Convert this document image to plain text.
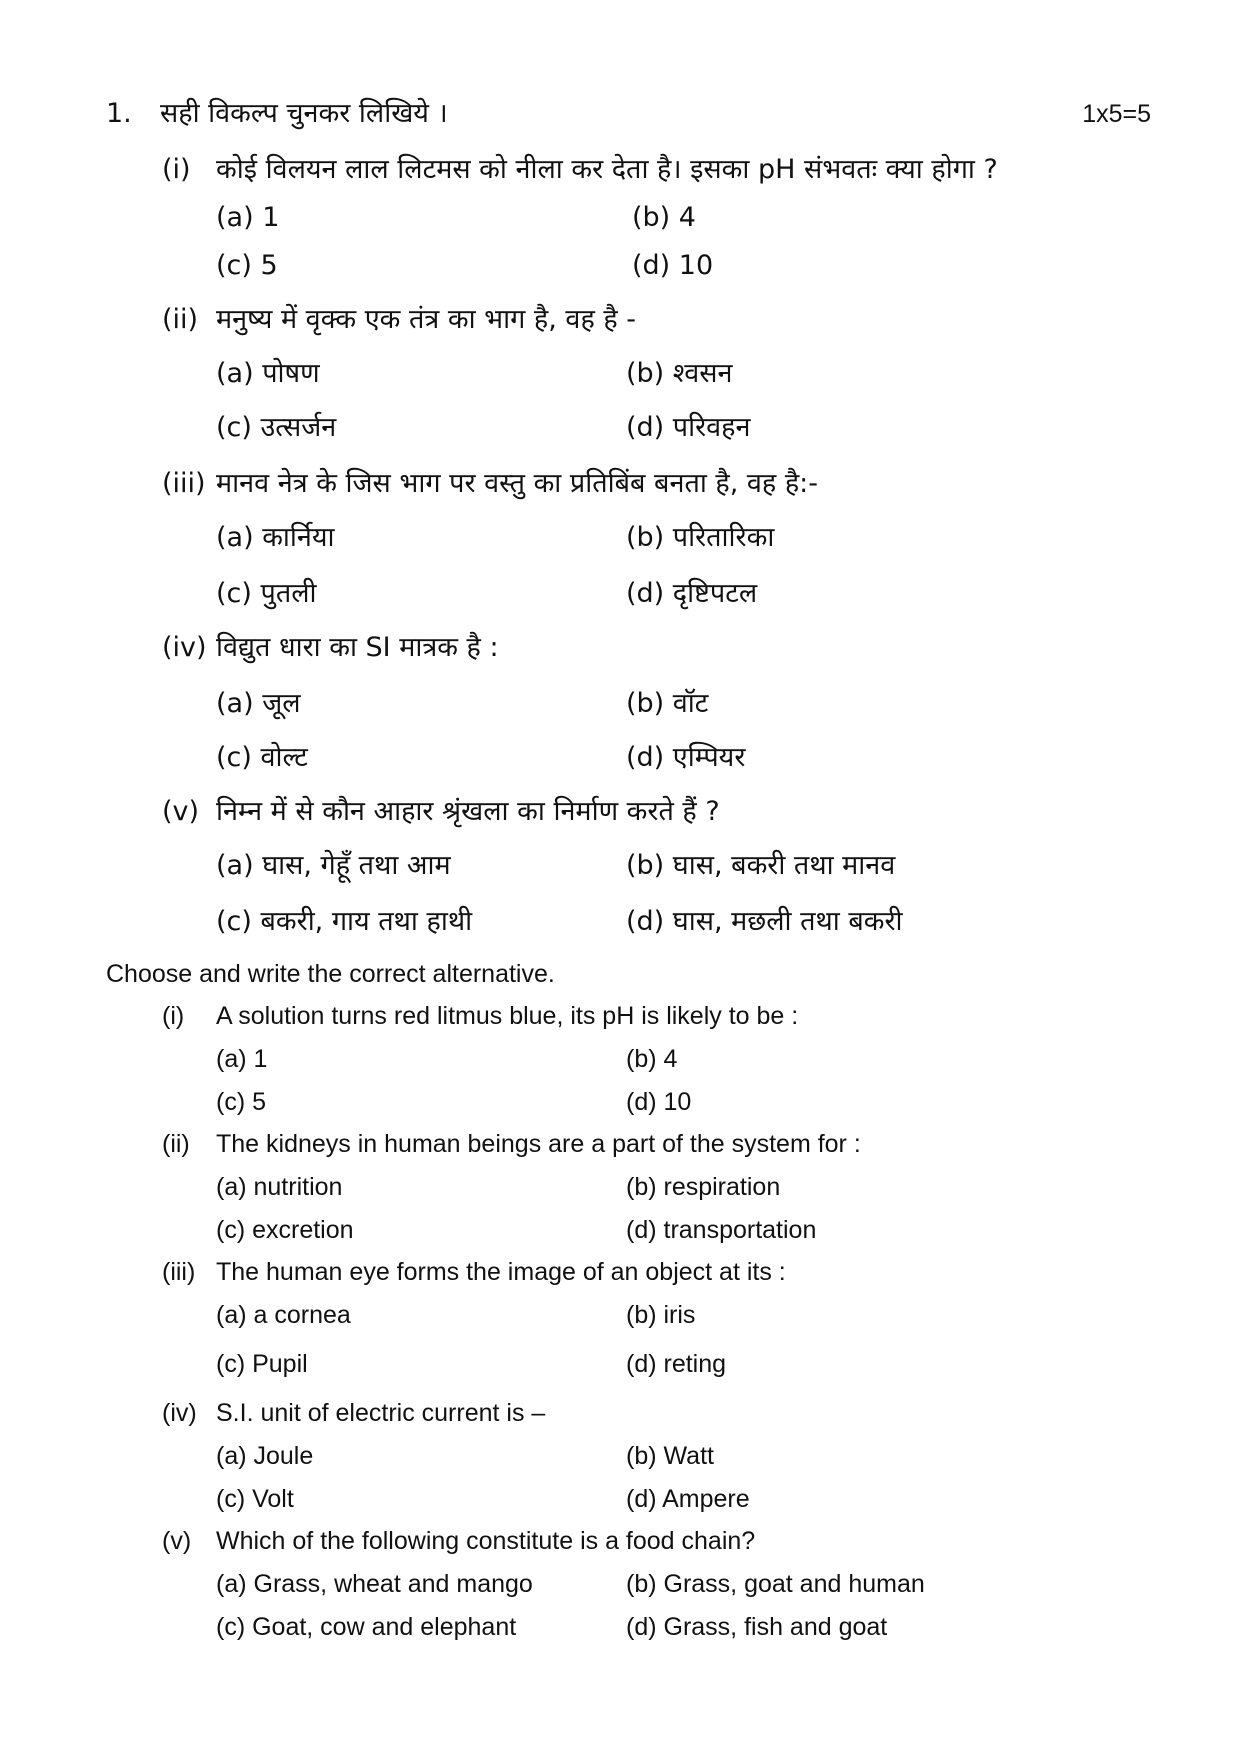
1. सही विकल्प चुनकर लिखिये ।	1x5=5
(i) कोई विलयन लाल लिटमस को नीला कर देता है। इसका pH संभवतः क्या होगा ?
(a) 1	(b) 4
(c) 5	(d) 10
(ii) मनुष्य में वृक्क एक तंत्र का भाग है, वह है -
(a) पोषण	(b) श्वसन
(c) उत्सर्जन	(d) परिवहन
(iii) मानव नेत्र के जिस भाग पर वस्तु का प्रतिबिंब बनता है, वह है:-
(a) कार्निया	(b) परितारिका
(c) पुतली	(d) दृष्टिपटल
(iv) विद्युत धारा का SI मात्रक है :
(a) जूल	(b) वॉट
(c) वोल्ट	(d) एम्पियर
(v) निम्न में से कौन आहार श्रृंखला का निर्माण करते हैं ?
(a) घास, गेहूँ तथा आम	(b) घास, बकरी तथा मानव
(c) बकरी, गाय तथा हाथी	(d) घास, मछली तथा बकरी
Choose and write the correct alternative.
(i) A solution turns red litmus blue, its pH is likely to be :
(a) 1	(b) 4
(c) 5	(d) 10
(ii) The kidneys in human beings are a part of the system for :
(a) nutrition	(b) respiration
(c) excretion	(d) transportation
(iii) The human eye forms the image of an object at its :
(a) a cornea	(b) iris
(c) Pupil	(d) reting
(iv) S.I. unit of electric current is –
(a) Joule	(b) Watt
(c) Volt	(d) Ampere
(v) Which of the following constitute is a food chain?
(a) Grass, wheat and mango	(b) Grass, goat and human
(c) Goat, cow and elephant	(d) Grass, fish and goat
